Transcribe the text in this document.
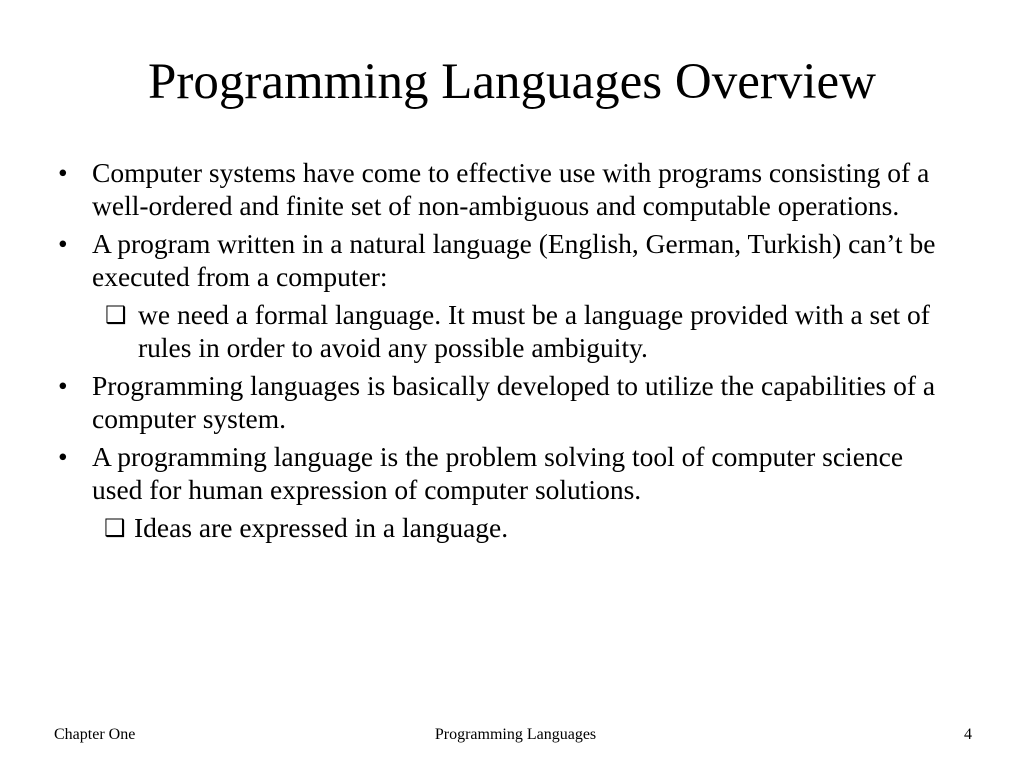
Programming Languages Overview
• Computer systems have come to effective use with programs consisting of a well-ordered and finite set of non-ambiguous and computable operations.
• A program written in a natural language (English, German, Turkish) can’t be executed from a computer:
❑ we need a formal language. It must be a language provided with a set of rules in order to avoid any possible ambiguity.
• Programming languages is basically developed to utilize the capabilities of a computer system.
• A programming language is the problem solving tool of computer science used for human expression of computer solutions.
❑ Ideas are expressed in a language.
Chapter One	Programming Languages	4
